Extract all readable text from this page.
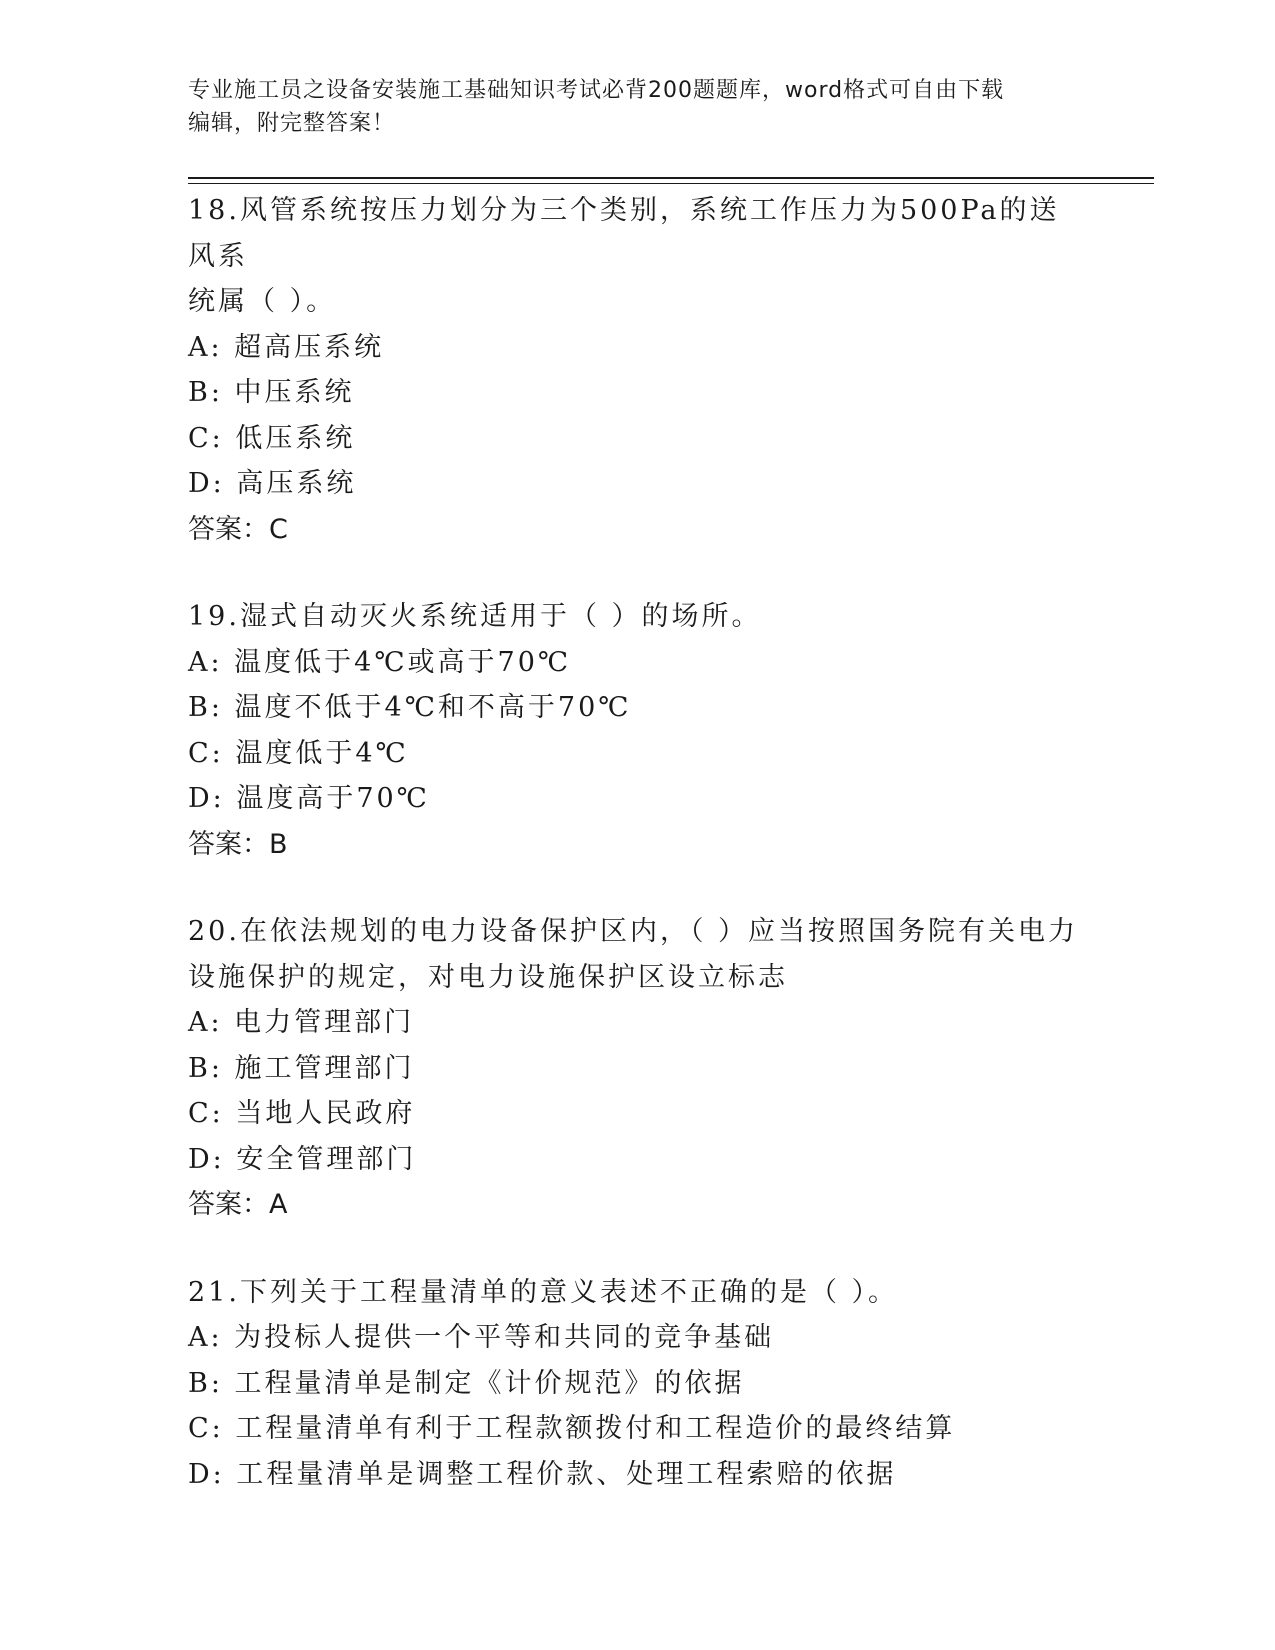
专业施工员之设备安装施工基础知识考试必背200题题库，word格式可自由下载
编辑，附完整答案！
18.风管系统按压力划分为三个类别，系统工作压力为500Pa的送风系
统属（ ）。
A: 超高压系统
B: 中压系统
C: 低压系统
D: 高压系统
答案：C
19.湿式自动灭火系统适用于（ ）的场所。
A: 温度低于4℃或高于70℃
B: 温度不低于4℃和不高于70℃
C: 温度低于4℃
D: 温度高于70℃
答案：B
20.在依法规划的电力设备保护区内，（ ）应当按照国务院有关电力
设施保护的规定，对电力设施保护区设立标志
A: 电力管理部门
B: 施工管理部门
C: 当地人民政府
D: 安全管理部门
答案：A
21.下列关于工程量清单的意义表述不正确的是（ ）。
A: 为投标人提供一个平等和共同的竞争基础
B: 工程量清单是制定《计价规范》的依据
C: 工程量清单有利于工程款额拨付和工程造价的最终结算
D: 工程量清单是调整工程价款、处理工程索赔的依据
